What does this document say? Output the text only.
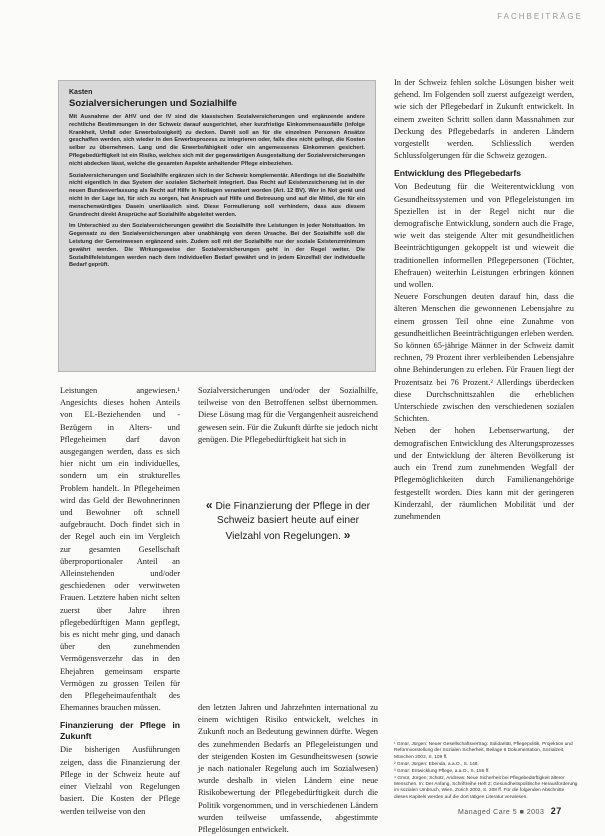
FACHBEITRÄGE
Kasten
Sozialversicherungen und Sozialhilfe

Mit Ausnahme der AHV und der IV sind die klassischen Sozialversicherungen und ergänzende andere rechtliche Bestimmungen in der Schweiz darauf ausgerichtet, eher kurzfristige Einkommensausfälle (infolge Krankheit, Unfall oder Erwerbslosigkeit) zu decken. Damit soll an für die einzelnen Personen Ansätze geschaffen werden, sich wieder in den Erwerbsprozess zu integrieren oder, falls dies nicht gelingt, die Kosten selber zu übernehmen. Lang und die Erwerbsfähigkeit oder ein angemessenes Einkommen gesichert. Pflegebedürftigkeit ist ein Risiko, welches sich mit der gegenwärtigen Ausgestaltung der Sozialversicherungen nicht abdecken lässt, welche die gesamten Aspekte anhaltender Pflege einbeziehen.

Sozialversicherungen und Sozialhilfe ergänzen sich in der Schweiz komplementär. Allerdings ist die Sozialhilfe nicht eigentlich in das System der sozialen Sicherheit integriert. Das Recht auf Existenzsicherung ist in der neuen Bundesverfassung als Recht auf Hilfe in Notlagen verankert worden (Art. 12 BV). Wer in Not gerät und nicht in der Lage ist, für sich zu sorgen, hat Anspruch auf Hilfe und Betreuung und auf die Mittel, die für ein menschenwürdiges Dasein unerlässlich sind. Diese Formulierung soll verhindern, dass aus diesem Grundrecht direkt Ansprüche auf Sozialhilfe abgeleitet werden.

Im Unterschied zu den Sozialversicherungen gewährt die Sozialhilfe ihre Leistungen in jeder Notsituation. Im Gegensatz zu den Sozialversicherungen aber unabhängig von deren Ursache. Bei der Sozialhilfe soll die Leistung der Gemeinwesen ergänzend sein. Zudem soll mit der Sozialhilfe nur der soziale Existenzminimum gewährt werden. Die Wirkungsweise der Sozialversicherungen geht in der Regel weiter. Die Sozialhilfeleistungen werden nach dem individuellen Bedarf gewährt und in jedem Einzelfall der individuelle Bedarf geprüft.

Leistungen angewiesen.¹ Angesichts dieses hohen Anteils von EL-Beziehenden und -Bezügern in Alters- und Pflegeheimen darf davon ausgegangen werden, dass es sich hier nicht um ein individuelles, sondern um ein strukturelles Problem handelt. In Pflegeheimen wird das Geld der Bewohnerinnen und Bewohner oft schnell aufgebraucht. Doch findet sich in der Regel auch ein im Vergleich zur gesamten Gesellschaft überproportionaler Anteil an Alleinstehenden und/oder geschiedenen oder verwitweten Frauen. Letztere haben nicht selten zuerst über Jahre ihren pflegebedürftigen Mann gepflegt, bis es nicht mehr ging, und danach über den zunehmenden Vermögensverzehr das in den Ehejahren gemeinsam ersparte Vermögen zu grossen Teilen für den Pflegeheimaufenthalt des Ehemannes brauchen müssen.

Finanzierung der Pflege in Zukunft

Die bisherigen Ausführungen zeigen, dass die Finanzierung der Pflege in der Schweiz heute auf einer Vielzahl von Regelungen basiert. Die Kosten der Pflege werden teilweise von den

Sozialversicherungen und/oder der Sozialhilfe, teilweise von den Betroffenen selbst übernommen. Diese Lösung mag für die Vergangenheit ausreichend gewesen sein. Für die Zukunft dürfte sie jedoch nicht genügen. Die Pflegebedürftigkeit hat sich in

« Die Finanzierung der Pflege in der Schweiz basiert heute auf einer Vielzahl von Regelungen. »

den letzten Jahren und Jahrzehnten international zu einem wichtigen Risiko entwickelt, welches in Zukunft noch an Bedeutung gewinnen dürfte. Wegen des zunehmenden Bedarfs an Pflegeleistungen und der steigenden Kosten im Gesundheitswesen (sowie je nach nationaler Regelung auch im Sozialwesen) wurde deshalb in vielen Ländern eine neue Risikobewertung der Pflegebedürftigkeit durch die Politik vorgenommen, und in verschiedenen Ländern wurden teilweise umfassende, abgestimmte Pflegelösungen entwickelt.

In der Schweiz fehlen solche Lösungen bisher weit gehend. Im Folgenden soll zuerst aufgezeigt werden, wie sich der Pflegebedarf in Zukunft entwickelt. In einem zweiten Schritt sollen dann Massnahmen zur Deckung des Pflegebedarfs in anderen Ländern vorgestellt werden. Schliesslich werden Schlussfolgerungen für die Schweiz gezogen.

Entwicklung des Pflegebedarfs

Von Bedeutung für die Weiterentwicklung von Gesundheitssystemen und von Pflegeleistungen im Speziellen ist in der Regel nicht nur die demografische Entwicklung, sondern auch die Frage, wie weit das steigende Alter mit gesundheitlichen Beeinträchtigungen gekoppelt ist und wieweit die traditionellen informellen Pflegepersonen (Töchter, Ehefrauen) weiterhin Leistungen erbringen können und wollen.

Neuere Forschungen deuten darauf hin, dass die älteren Menschen die gewonnenen Lebensjahre zu einem grossen Teil ohne eine Zunahme von gesundheitlichen Beeinträchtigungen erleben werden. So können 65-jährige Männer in der Schweiz damit rechnen, 79 Prozent ihrer verbleibenden Lebensjahre ohne Behinderungen zu erleben. Für Frauen liegt der Prozentsatz bei 76 Prozent.² Allerdings überdecken diese Durchschnittszahlen die erheblichen Unterschiede zwischen den verschiedenen sozialen Schichten.

Neben der hohen Lebenserwartung, der demografischen Entwicklung des Alterungsprozesses und der Entwicklung der älteren Bevölkerung ist auch ein Trend zum zunehmenden Wegfall der Pflegemöglichkeiten durch Familienangehörige festgestellt worden. Dies kann mit der geringeren Kinderzahl, der räumlichen Mobilität und der zunehmenden

¹ Gmür, Jürgen: Neuer Gesellschaftsvertrag: Solidarität, Pflegepolitik, Projektion und Reformvorstellung der Sozialen Sicherheit, Beilage 6 Dokumentation, Sozialzeit, München 2002, S. 109 ff.

² Gmür, Jürgen: Ebenda, a.a.O., S. 148.

³ Gmür: Entwicklung Pflege, a.a.O., S. 156 ff.

⁴ Gmür, Jürgen; Schütz, Andreas: Neue Sicherheit bei Pflegebedürftigkeit älterer Menschen. In: Der Anfang, Schriftreihe Heft 2; Gesundheitspolitische Herausforderung im sozialen Umbruch, Wien, Zürich 2002, S. 208 ff. Für die folgenden Abschnitte dieses Kapitels werden auf die dort tätigen Literatur verwiesen.

Managed Care 5 ■ 2003 27
